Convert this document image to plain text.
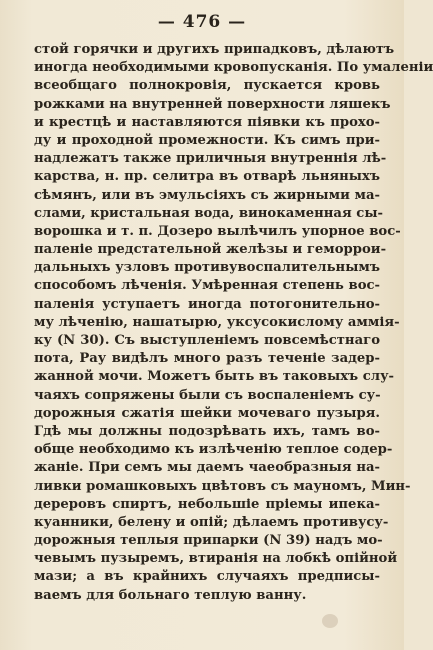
— 476 —
стой горячки и другихъ припадковъ, дѣлаютъ
иногда необходимыми кровопусканія. По умаленіи
всеобщаго полнокровія, пускается кровь
рожками на внутренней поверхности ляшекъ
и крестцѣ и наставляются піявки къ прохо-
ду и проходной промежности. Къ симъ при-
надлежатъ также приличныя внутреннія лѣ-
карства, н. пр. селитра въ отварѣ льняныхъ
сѣмянъ, или въ эмульсіяхъ съ жирными ма-
слами, кристальная вода, винокаменная сы-
ворошка и т. п. Дозеро вылѣчилъ упорное вос-
паленіе предстательной желѣзы и геморрои-
дальныхъ узловъ противувоспалительнымъ
способомъ лѣченія. Умѣренная степень вос-
паленія уступаетъ иногда потогонительно-
му лѣченію, нашатырю, уксусокислому аммія-
ку (N 30). Съ выступленіемъ повсемѣстнаго
пота, Рау видѣлъ много разъ теченіе задер-
жанной мочи. Можетъ быть въ таковыхъ слу-
чаяхъ сопряжены были съ воспаленіемъ су-
дорожныя сжатія шейки мочеваго пузыря.
Гдѣ мы должны подозрѣвать ихъ, тамъ во-
обще необходимо къ излѣченію теплое содер-
жаніе. При семъ мы даемъ чаеобразныя на-
ливки ромашковыхъ цвѣтовъ съ мауномъ, Мин-
дереровъ спиртъ, небольшіе пріемы ипека-
куанники, белену и опій; дѣлаемъ противусу-
дорожныя теплыя припарки (N 39) надъ мо-
чевымъ пузыремъ, втиранія на лобкѣ опійной
мази; а въ крайнихъ случаяхъ предписы-
ваемъ для больнаго теплую ванну.
